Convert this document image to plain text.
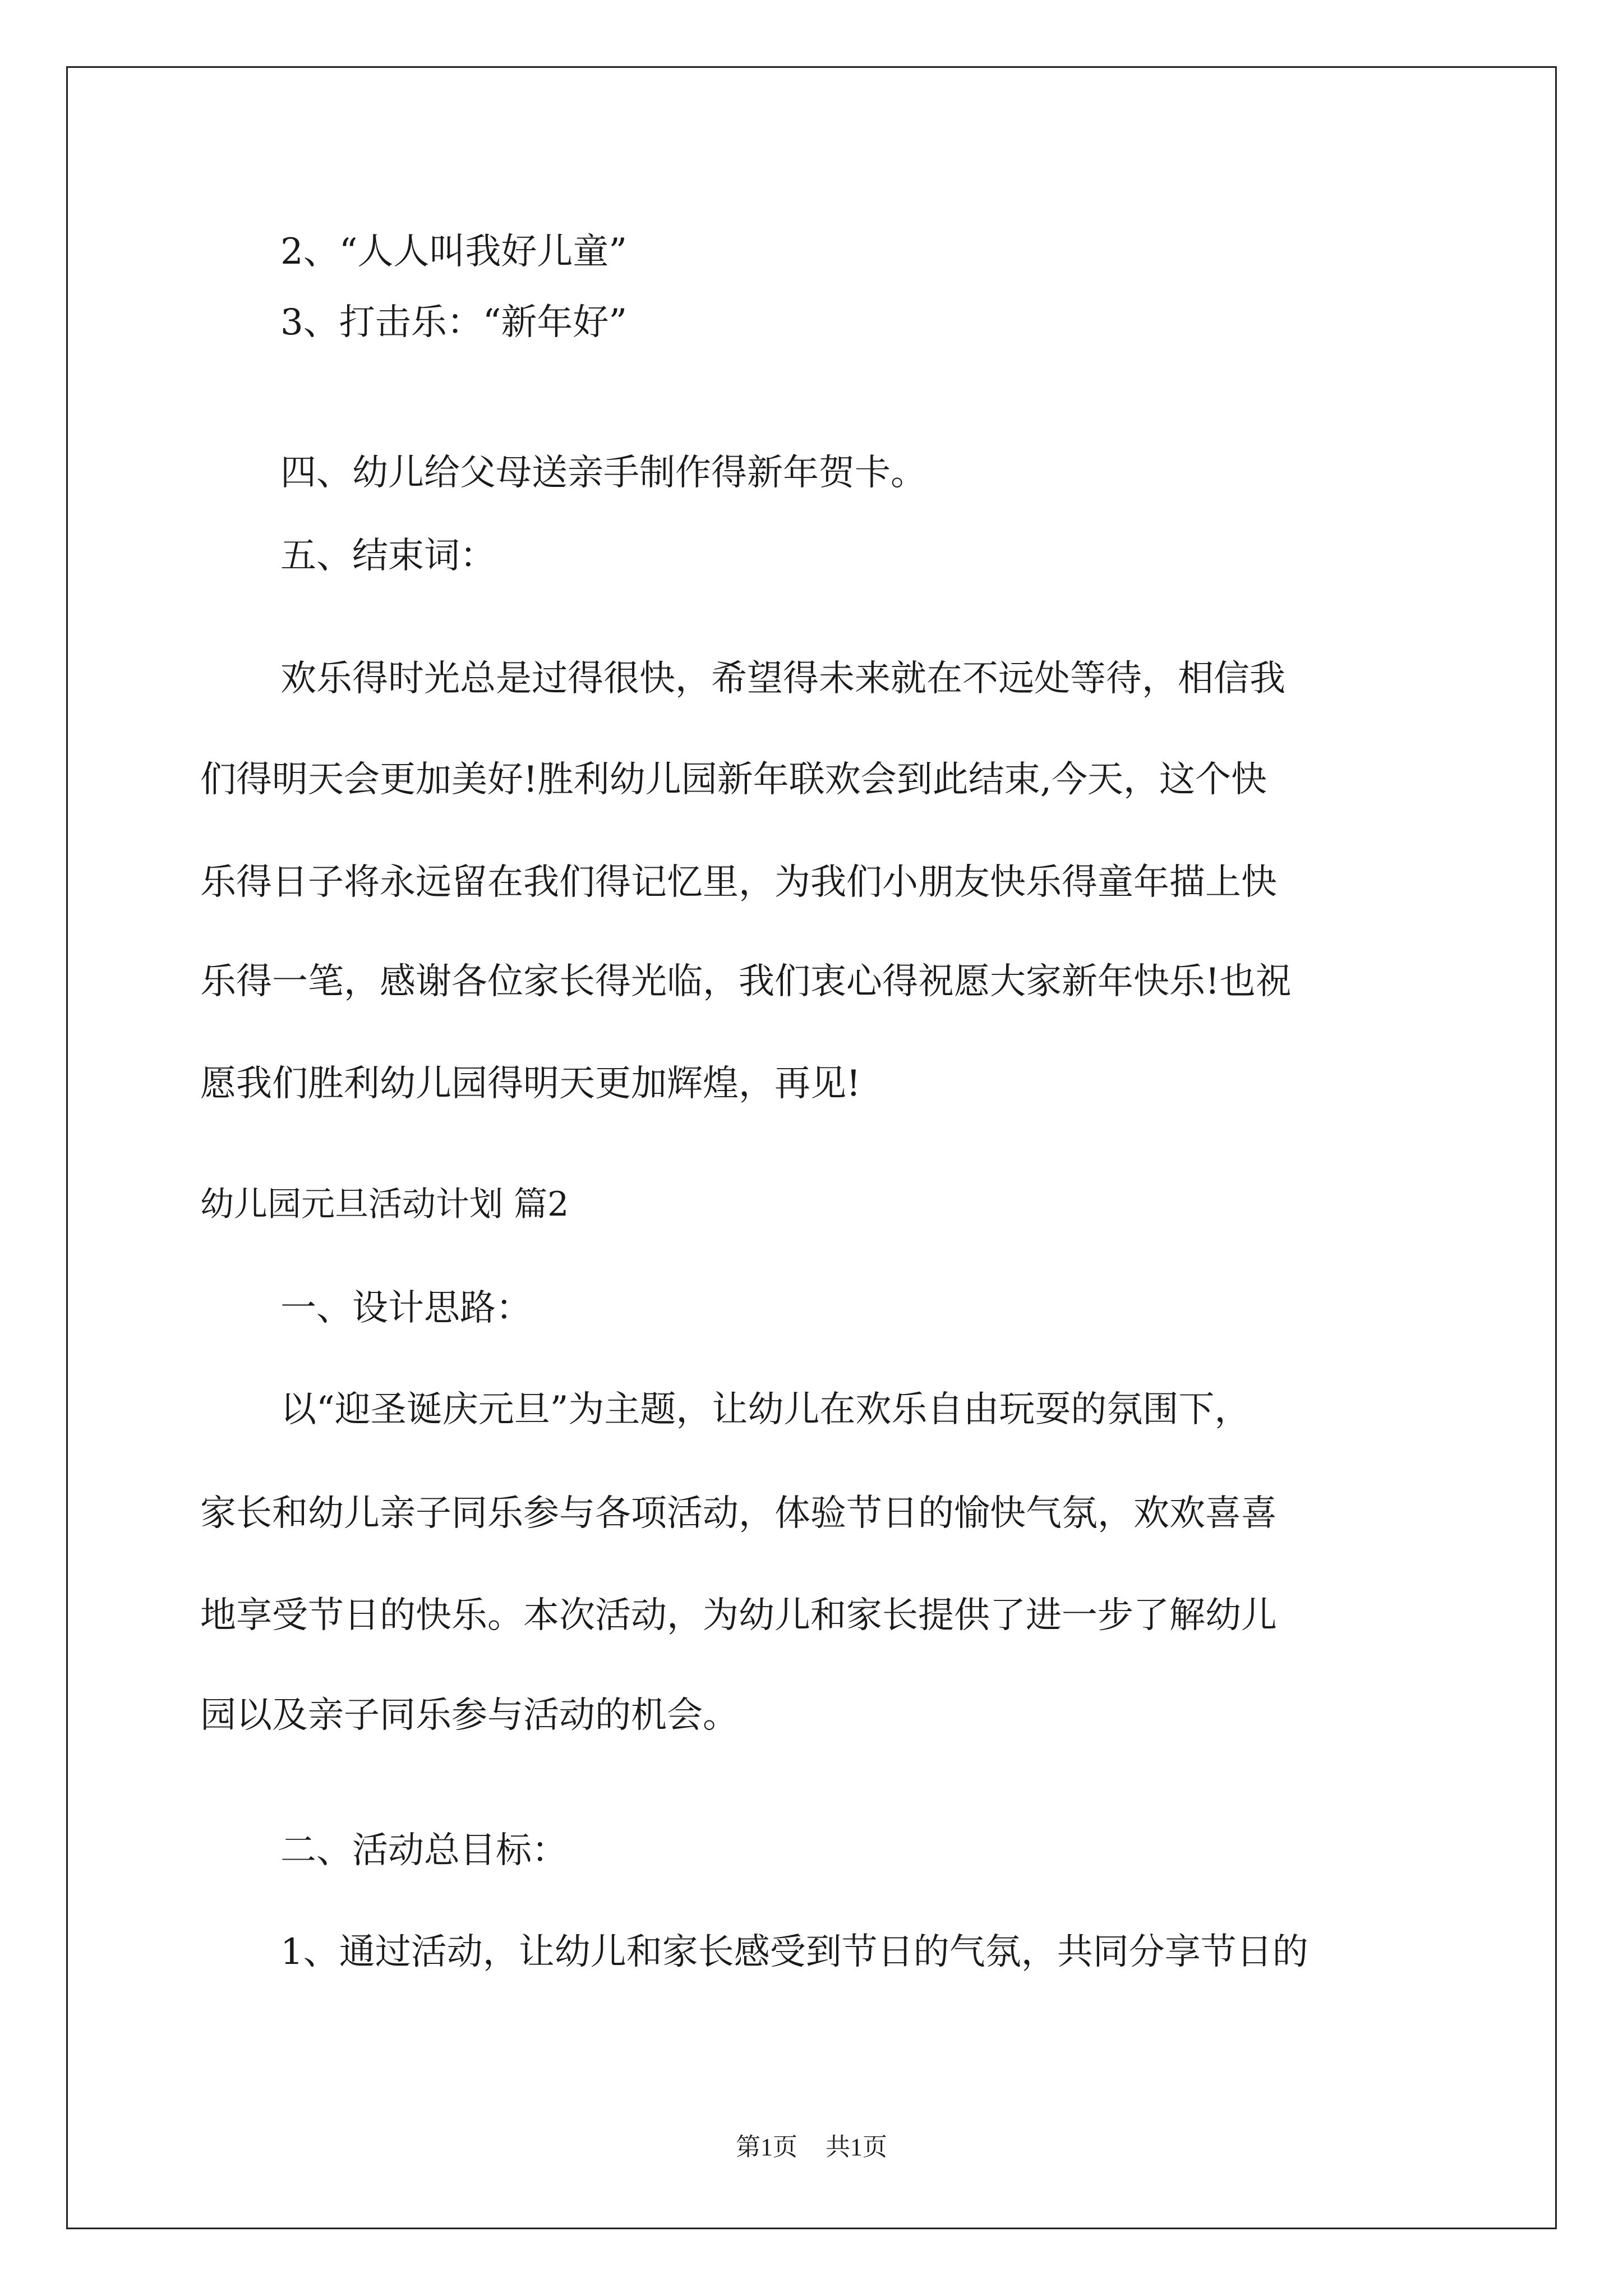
2、“人人叫我好儿童”

3、打击乐：“新年好”

四、幼儿给父母送亲手制作得新年贺卡。

五、结束词：

欢乐得时光总是过得很快，希望得未来就在不远处等待，相信我

们得明天会更加美好!胜利幼儿园新年联欢会到此结束,今天，这个快

乐得日子将永远留在我们得记忆里，为我们小朋友快乐得童年描上快

乐得一笔，感谢各位家长得光临，我们衷心得祝愿大家新年快乐!也祝

愿我们胜利幼儿园得明天更加辉煌，再见!

幼儿园元旦活动计划 篇2

一、设计思路：

以“迎圣诞庆元旦”为主题，让幼儿在欢乐自由玩耍的氛围下，

家长和幼儿亲子同乐参与各项活动，体验节日的愉快气氛，欢欢喜喜

地享受节日的快乐。本次活动，为幼儿和家长提供了进一步了解幼儿

园以及亲子同乐参与活动的机会。

二、活动总目标：

1、通过活动，让幼儿和家长感受到节日的气氛，共同分享节日的

第1页 共1页
